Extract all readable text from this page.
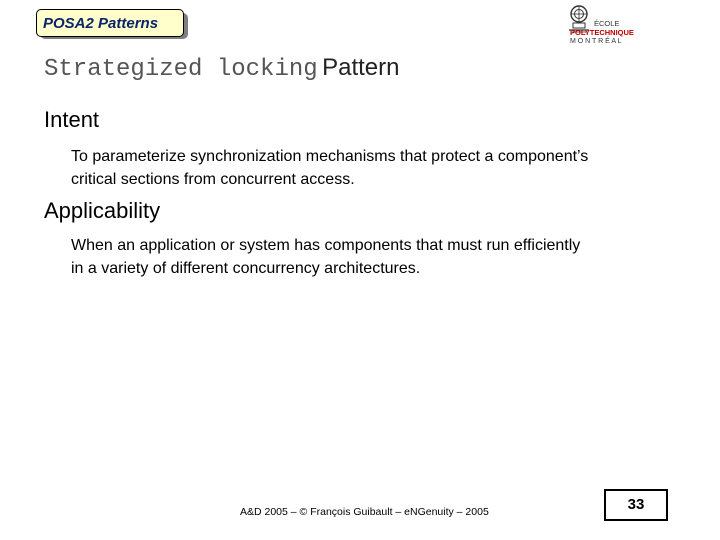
POSA2 Patterns	ÉCOLE
POLYTECHNIQUE
M O N T R É A L
Strategized locking Pattern
Intent
To parameterize synchronization mechanisms that protect a component’s critical sections from concurrent access.
Applicability
When an application or system has components that must run efficiently in a variety of different concurrency architectures.
A&D 2005 – © François Guibault – eNGenuity – 2005	33
